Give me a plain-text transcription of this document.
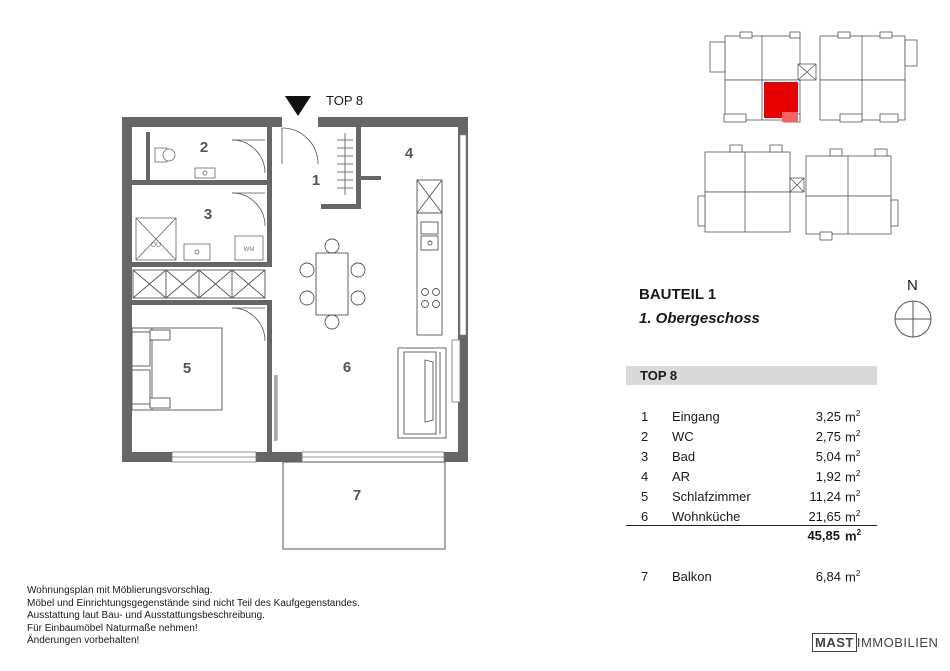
DU
WM
2	4
1
3
5	6
7
TOP 8
BAUTEIL 1
1. Obergeschoss
N
TOP 8
1 Eingang	3,25 $m^2$
2 WC	2,75 $m^2$
3 Bad	5,04 $m^2$
4 AR	1,92 $m^2$
5 Schlafzimmer	11,24 $m^2$
6 Wohnküche	21,65 $m^2$
45,85 $m^2$
7 Balkon	6,84 $m^2$
Wohnungsplan mit Möblierungsvorschlag.
Möbel und Einrichtungsgegenstände sind nicht Teil des Kaufgegenstandes.
Ausstattung laut Bau- und Ausstattungsbeschreibung.
Für Einbaumöbel Naturmaße nehmen!
Änderungen vorbehalten!	MAST IMMOBILIEN
